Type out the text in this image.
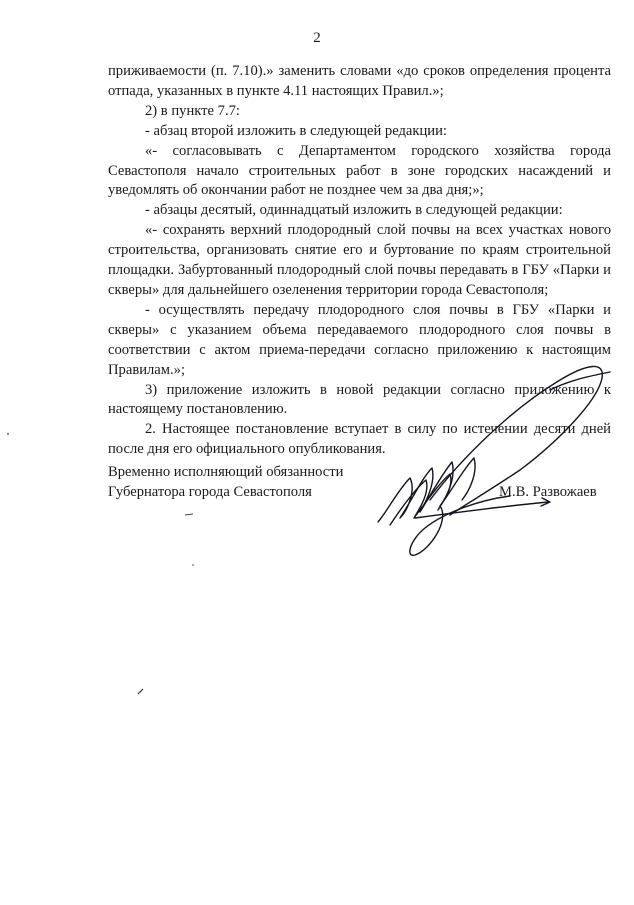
2

приживаемости (п. 7.10).» заменить словами «до сроков определения процента отпада, указанных в пункте 4.11 настоящих Правил.»;

2) в пункте 7.7:

- абзац второй изложить в следующей редакции:

«- согласовывать с Департаментом городского хозяйства города Севастополя начало строительных работ в зоне городских насаждений и уведомлять об окончании работ не позднее чем за два дня;»;

- абзацы десятый, одиннадцатый изложить в следующей редакции:

«- сохранять верхний плодородный слой почвы на всех участках нового строительства, организовать снятие его и буртование по краям строительной площадки. Забуртованный плодородный слой почвы передавать в ГБУ «Парки и скверы» для дальнейшего озеленения территории города Севастополя;

- осуществлять передачу плодородного слоя почвы в ГБУ «Парки и скверы» с указанием объема передаваемого плодородного слоя почвы в соответствии с актом приема-передачи согласно приложению к настоящим Правилам.»;

3) приложение изложить в новой редакции согласно приложению к настоящему постановлению.

2. Настоящее постановление вступает в силу по истечении десяти дней после дня его официального опубликования.

Временно исполняющий обязанности

Губернатора города Севастополя	М.В. Развожаев
